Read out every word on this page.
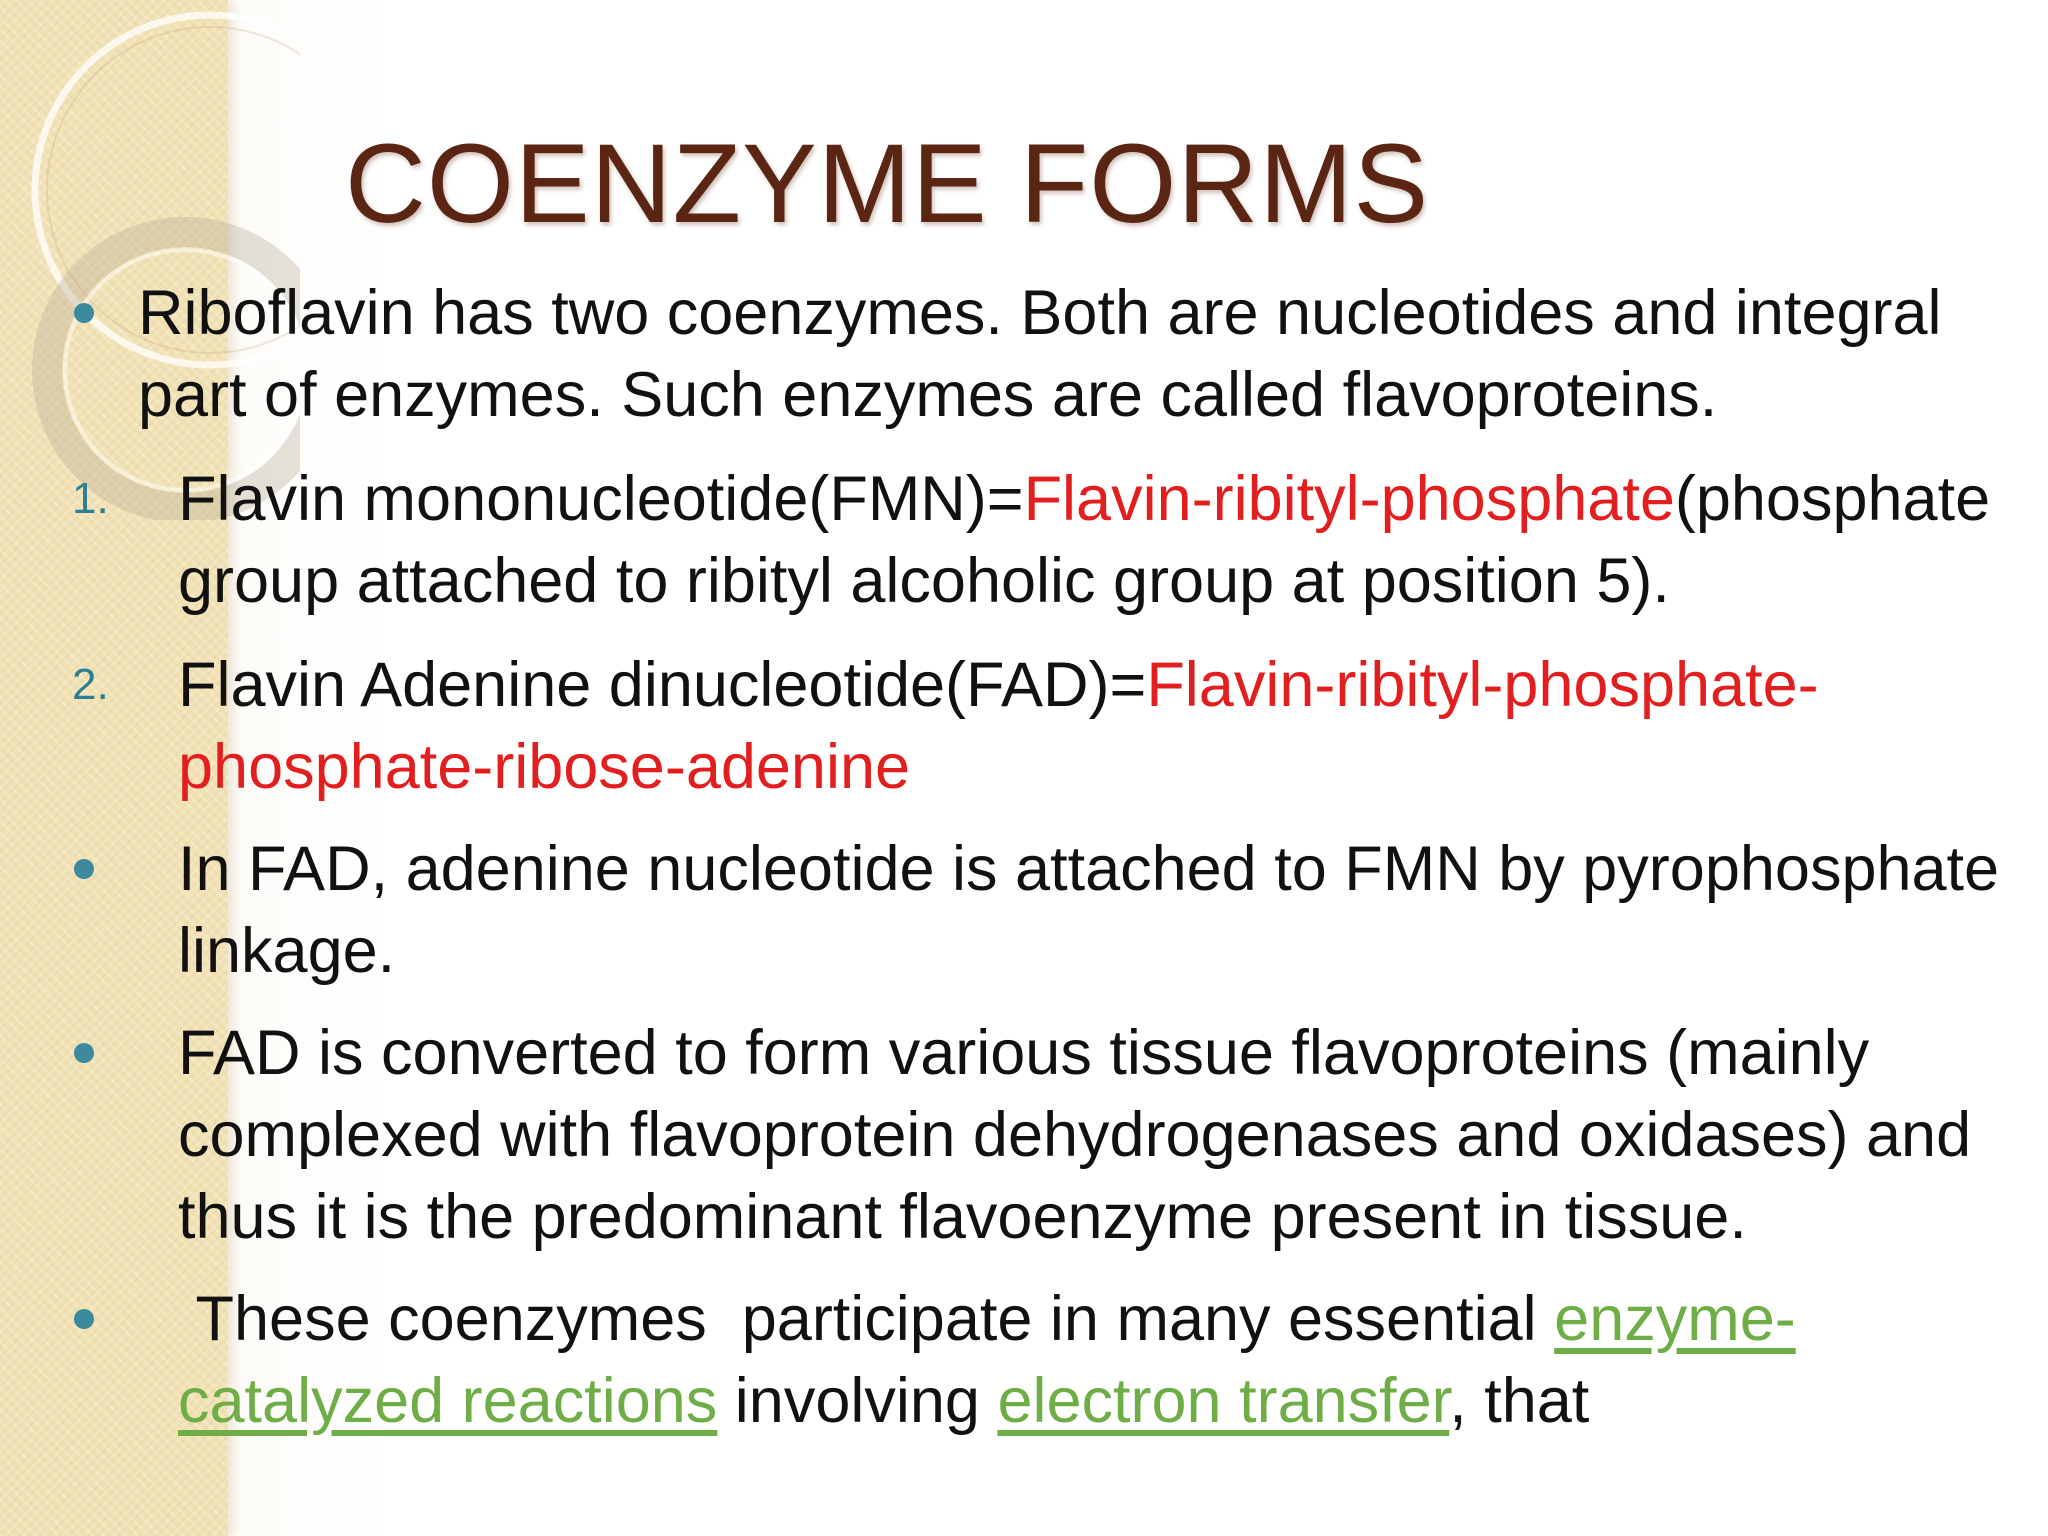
COENZYME FORMS
Riboflavin has two coenzymes. Both are nucleotides and integral part of enzymes. Such enzymes are called flavoproteins.
1. Flavin mononucleotide(FMN)=Flavin-ribityl-phosphate(phosphate group attached to ribityl alcoholic group at position 5).
2. Flavin Adenine dinucleotide(FAD)=Flavin-ribityl-phosphate-phosphate-ribose-adenine
In FAD, adenine nucleotide is attached to FMN by pyrophosphate linkage.
FAD is converted to form various tissue flavoproteins (mainly complexed with flavoprotein dehydrogenases and oxidases) and thus it is the predominant flavoenzyme present in tissue.
These coenzymes  participate in many essential enzyme-catalyzed reactions involving electron transfer, that
